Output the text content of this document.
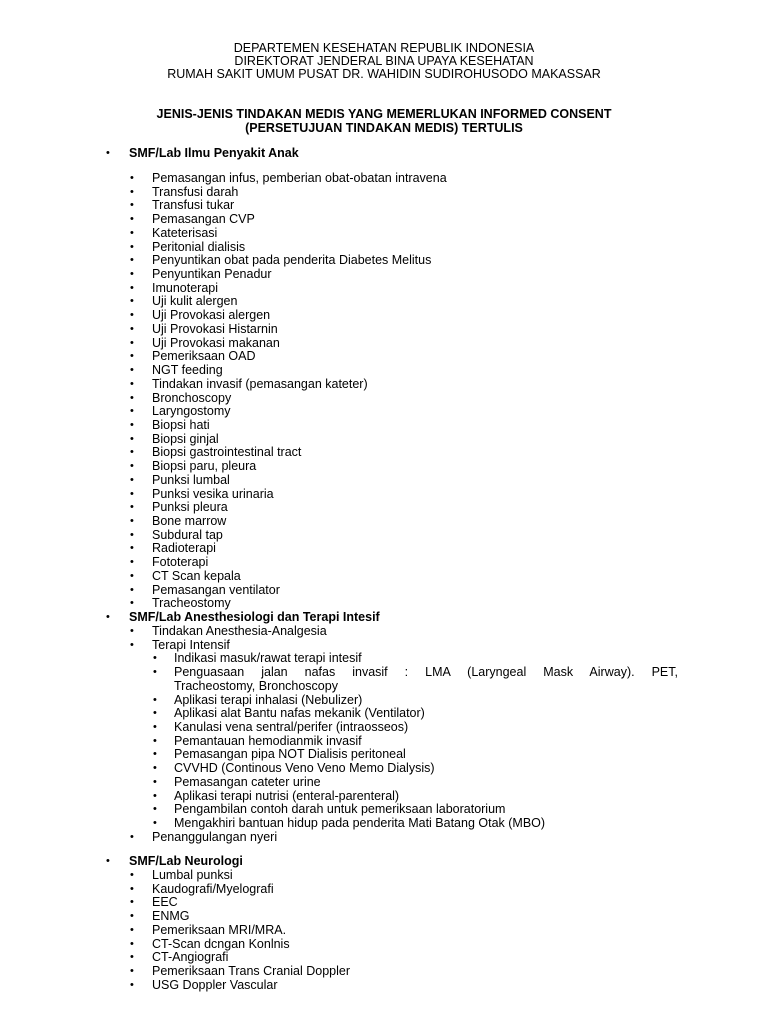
DEPARTEMEN KESEHATAN REPUBLIK INDONESIA
DIREKTORAT JENDERAL BINA UPAYA KESEHATAN
RUMAH SAKIT UMUM PUSAT DR. WAHIDIN SUDIROHUSODO MAKASSAR
JENIS-JENIS TINDAKAN MEDIS YANG MEMERLUKAN INFORMED CONSENT
(PERSETUJUAN TINDAKAN MEDIS) TERTULIS
• SMF/Lab Ilmu Penyakit Anak
• Pemasangan infus, pemberian obat-obatan intravena
• Transfusi darah
• Transfusi tukar
• Pemasangan CVP
• Kateterisasi
• Peritonial dialisis
• Penyuntikan obat pada penderita Diabetes Melitus
• Penyuntikan Penadur
• Imunoterapi
• Uji kulit alergen
• Uji Provokasi alergen
• Uji Provokasi Histarnin
• Uji Provokasi makanan
• Pemeriksaan OAD
• NGT feeding
• Tindakan invasif (pemasangan kateter)
• Bronchoscopy
• Laryngostomy
• Biopsi hati
• Biopsi ginjal
• Biopsi gastrointestinal tract
• Biopsi paru, pleura
• Punksi lumbal
• Punksi vesika urinaria
• Punksi pleura
• Bone marrow
• Subdural tap
• Radioterapi
• Fototerapi
• CT Scan kepala
• Pemasangan ventilator
• Tracheostomy
• SMF/Lab Anesthesiologi dan Terapi Intesif
• Tindakan Anesthesia-Analgesia
• Terapi Intensif
• Indikasi masuk/rawat terapi intesif
• Penguasaan jalan nafas invasif : LMA (Laryngeal Mask Airway). PET,
Tracheostomy, Bronchoscopy
• Aplikasi terapi inhalasi (Nebulizer)
• Aplikasi alat Bantu nafas mekanik (Ventilator)
• Kanulasi vena sentral/perifer (intraosseos)
• Pemantauan hemodianmik invasif
• Pemasangan pipa NOT Dialisis peritoneal
• CVVHD (Continous Veno Veno Memo Dialysis)
• Pemasangan cateter urine
• Aplikasi terapi nutrisi (enteral-parenteral)
• Pengambilan contoh darah untuk pemeriksaan laboratorium
• Mengakhiri bantuan hidup pada penderita Mati Batang Otak (MBO)
• Penanggulangan nyeri
• SMF/Lab Neurologi
• Lumbal punksi
• Kaudografi/Myelografi
• EEC
• ENMG
• Pemeriksaan MRI/MRA.
• CT-Scan dcngan Konlnis
• CT-Angiografi
• Pemeriksaan Trans Cranial Doppler
• USG Doppler Vascular
